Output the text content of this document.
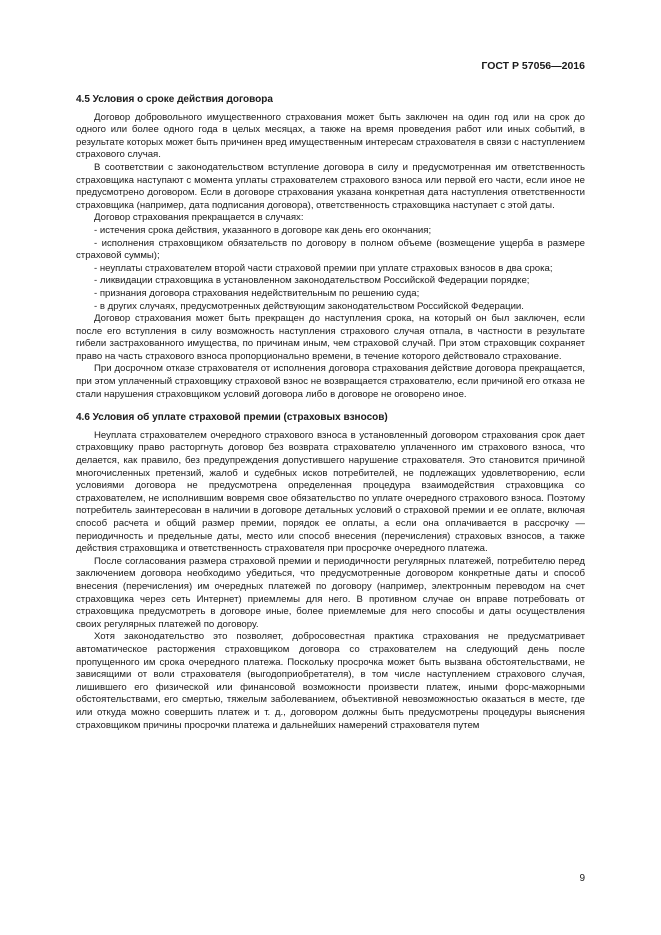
ГОСТ Р 57056—2016
4.5 Условия о сроке действия договора

Договор добровольного имущественного страхования может быть заключен на один год или на срок до одного или более одного года в целых месяцах, а также на время проведения работ или иных событий, в результате которых может быть причинен вред имущественным интересам страхователя в связи с наступлением страхового случая.

В соответствии с законодательством вступление договора в силу и предусмотренная им ответственность страховщика наступают с момента уплаты страхователем страхового взноса или первой его части, если иное не предусмотрено договором. Если в договоре страхования указана конкретная дата наступления ответственности страховщика (например, дата подписания договора), ответственность страховщика наступает с этой даты.

Договор страхования прекращается в случаях:

- истечения срока действия, указанного в договоре как день его окончания;

- исполнения страховщиком обязательств по договору в полном объеме (возмещение ущерба в размере страховой суммы);

- неуплаты страхователем второй части страховой премии при уплате страховых взносов в два срока;

- ликвидации страховщика в установленном законодательством Российской Федерации порядке;

- признания договора страхования недействительным по решению суда;

- в других случаях, предусмотренных действующим законодательством Российской Федерации.

Договор страхования может быть прекращен до наступления срока, на который он был заключен, если после его вступления в силу возможность наступления страхового случая отпала, в частности в результате гибели застрахованного имущества, по причинам иным, чем страховой случай. При этом страховщик сохраняет право на часть страхового взноса пропорционально времени, в течение которого действовало страхование.

При досрочном отказе страхователя от исполнения договора страхования действие договора прекращается, при этом уплаченный страховщику страховой взнос не возвращается страхователю, если причиной его отказа не стали нарушения страховщиком условий договора либо в договоре не оговорено иное.

4.6 Условия об уплате страховой премии (страховых взносов)

Неуплата страхователем очередного страхового взноса в установленный договором страхования срок дает страховщику право расторгнуть договор без возврата страхователю уплаченного им страхового взноса, что делается, как правило, без предупреждения допустившего нарушение страхователя. Это становится причиной многочисленных претензий, жалоб и судебных исков потребителей, не подлежащих удовлетворению, если условиями договора не предусмотрена определенная процедура взаимодействия страховщика со страхователем, не исполнившим вовремя свое обязательство по уплате очередного страхового взноса. Поэтому потребитель заинтересован в наличии в договоре детальных условий о страховой премии и ее оплате, включая способ расчета и общий размер премии, порядок ее оплаты, а если она оплачивается в рассрочку — периодичность и предельные даты, место или способ внесения (перечисления) страховых взносов, а также действия страховщика и ответственность страхователя при просрочке очередного платежа.

После согласования размера страховой премии и периодичности регулярных платежей, потребителю перед заключением договора необходимо убедиться, что предусмотренные договором конкретные даты и способ внесения (перечисления) им очередных платежей по договору (например, электронным переводом на счет страховщика через сеть Интернет) приемлемы для него. В противном случае он вправе потребовать от страховщика предусмотреть в договоре иные, более приемлемые для него способы и даты осуществления своих регулярных платежей по договору.

Хотя законодательство это позволяет, добросовестная практика страхования не предусматривает автоматическое расторжения страховщиком договора со страхователем на следующий день после пропущенного им срока очередного платежа. Поскольку просрочка может быть вызвана обстоятельствами, не зависящими от воли страхователя (выгодоприобретателя), в том числе наступлением страхового случая, лишившего его физической или финансовой возможности произвести платеж, иными форс-мажорными обстоятельствами, его смертью, тяжелым заболеванием, объективной невозможностью оказаться в месте, где или откуда можно совершить платеж и т. д., договором должны быть предусмотрены процедуры выяснения страховщиком причины просрочки платежа и дальнейших намерений страхователя путем

9
